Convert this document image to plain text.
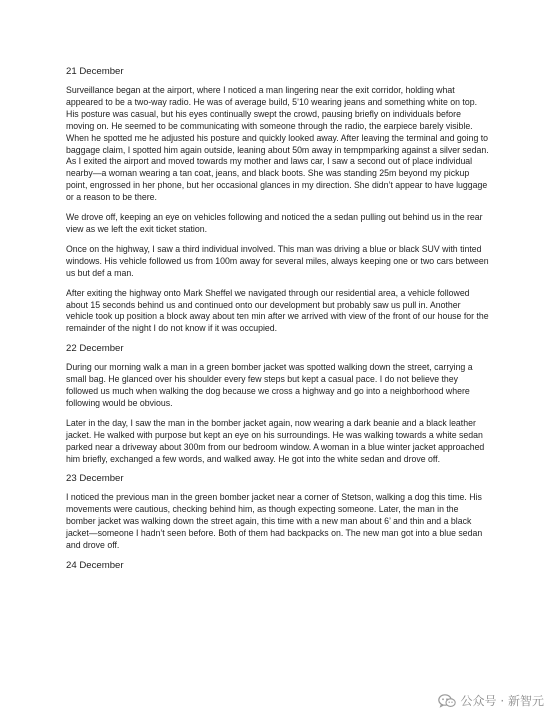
21 December

Surveillance began at the airport, where I noticed a man lingering near the exit corridor, holding what appeared to be a two-way radio. He was of average build, 5’10 wearing jeans and something white on top. His posture was casual, but his eyes continually swept the crowd, pausing briefly on individuals before moving on. He seemed to be communicating with someone through the radio, the earpiece barely visible. When he spotted me he adjusted his posture and quickly looked away. After leaving the terminal and going to baggage claim, I spotted him again outside, leaning about 50m away in tempmparking against a silver sedan. As I exited the airport and moved towards my mother and laws car, I saw a second out of place individual nearby—a woman wearing a tan coat, jeans, and black boots. She was standing 25m beyond my pickup point, engrossed in her phone, but her occasional glances in my direction. She didn’t appear to have luggage or a reason to be there.

We drove off, keeping an eye on vehicles following and noticed the a sedan pulling out behind us in the rear view as we left the exit ticket station.

Once on the highway, I saw a third individual involved. This man was driving a blue or black SUV with tinted windows. His vehicle followed us from 100m away for several miles, always keeping one or two cars between us but def a man.

After exiting the highway onto Mark Sheffel we navigated through our residential area, a vehicle followed about 15 seconds behind us and continued onto our development but probably saw us pull in. Another vehicle took up position a block away about ten min after we arrived with view of the front of our house for the remainder of the night I do not know if it was occupied.

22 December

During our morning walk a man in a green bomber jacket was spotted walking down the street, carrying a small bag. He glanced over his shoulder every few steps but kept a casual pace. I do not believe they followed us much when walking the dog because we cross a highway and go into a neighborhood where following would be obvious.

Later in the day, I saw the man in the bomber jacket again, now wearing a dark beanie and a black leather jacket. He walked with purpose but kept an eye on his surroundings. He was walking towards a white sedan parked near a driveway about 300m from our bedroom window. A woman in a blue winter jacket approached him briefly, exchanged a few words, and walked away. He got into the white sedan and drove off.

23 December

I noticed the previous man in the green bomber jacket near a corner of Stetson, walking a dog this time. His movements were cautious, checking behind him, as though expecting someone. Later, the man in the bomber jacket was walking down the street again, this time with a new man about 6’ and thin and a black jacket—someone I hadn’t seen before. Both of them had backpacks on. The new man got into a blue sedan and drove off.

24 December

公众号 · 新智元
